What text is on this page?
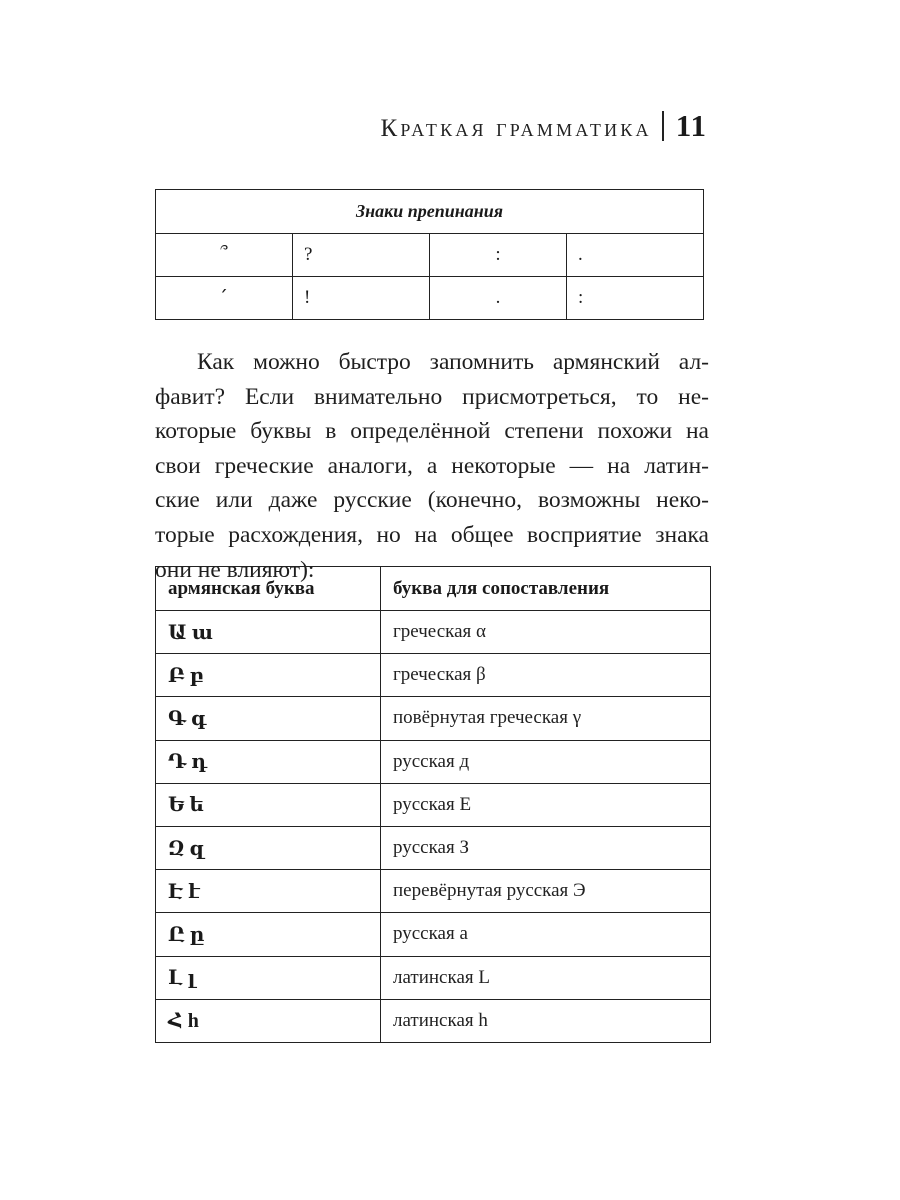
Краткая грамматика 11
Знаки препинания			
՞	?	:	.
՛	!	.	:
Как можно быстро запомнить армянский ал-
фавит? Если внимательно присмотреться, то не-
которые буквы в определённой степени похожи на
свои греческие аналоги, а некоторые — на латин-
ские или даже русские (конечно, возможны неко-
торые расхождения, но на общее восприятие знака
они не влияют):
армянская буква	буква для сопоставления
Ա ա	греческая α
Բ բ	греческая β
Գ գ	повёрнутая греческая γ
Դ դ	русская д
Ե ե	русская Е
Զ զ	русская З
Է է	перевёрнутая русская Э
Ը ը	русская а
Լ լ	латинская L
Հ h	латинская h
